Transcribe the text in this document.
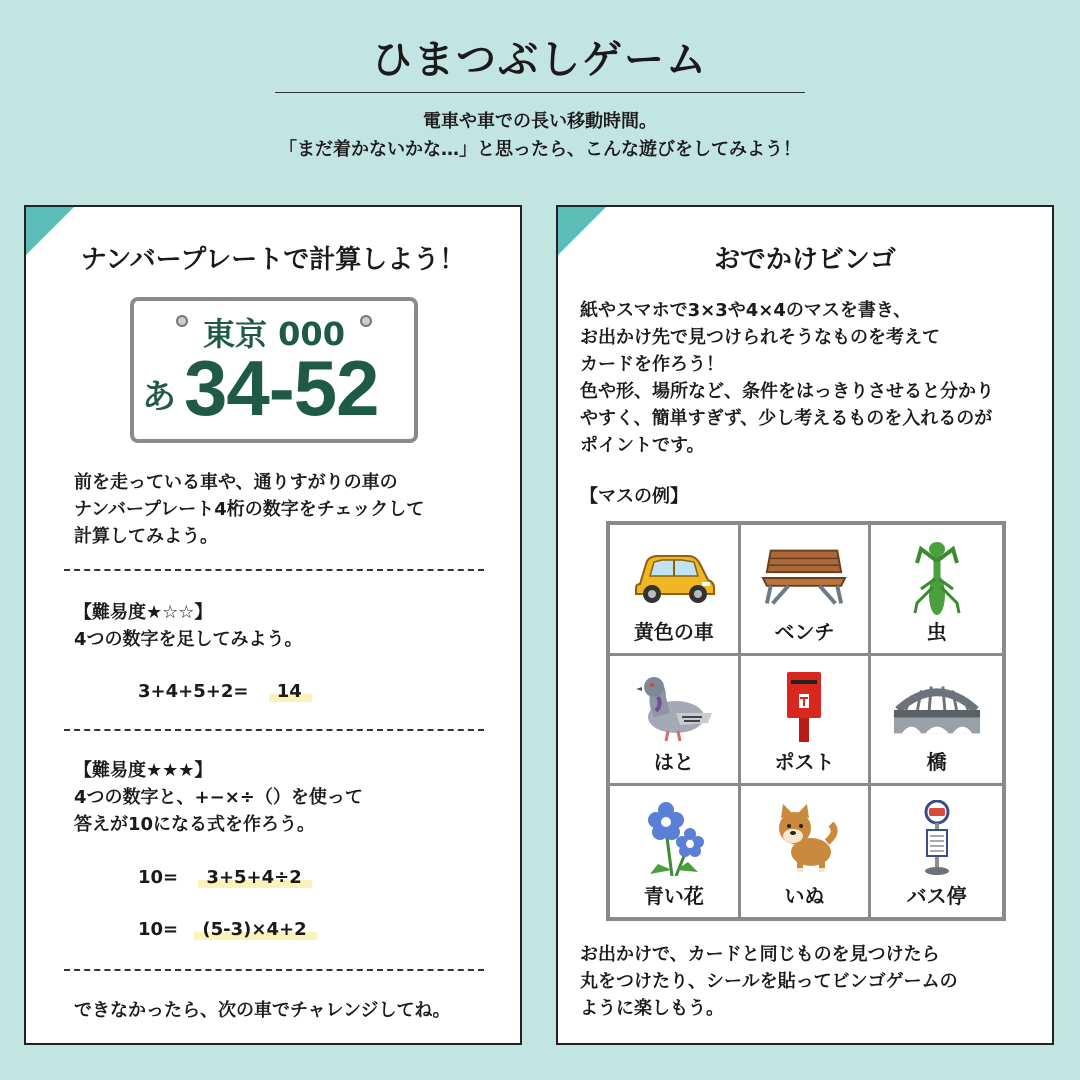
ひまつぶしゲーム
電車や車での長い移動時間。
「まだ着かないかな…」と思ったら、こんな遊びをしてみよう！
ナンバープレートで計算しよう！
東京 000
あ 34-52
前を走っている車や、通りすがりの車の
ナンバープレート4桁の数字をチェックして
計算してみよう。
【難易度★☆☆】
4つの数字を足してみよう。
3+4+5+2= 14
【難易度★★★】
4つの数字と、+−×÷（）を使って
答えが10になる式を作ろう。
10= 3+5+4÷2
10= (5-3)×4+2
できなかったら、次の車でチャレンジしてね。
おでかけビンゴ
紙やスマホで3×3や4×4のマスを書き、
お出かけ先で見つけられそうなものを考えて
カードを作ろう！
色や形、場所など、条件をはっきりさせると分かり
やすく、簡単すぎず、少し考えるものを入れるのが
ポイントです。
【マスの例】
黄色の車	ベンチ	虫
はと	ポスト	橋
青い花	いぬ	バス停
お出かけで、カードと同じものを見つけたら
丸をつけたり、シールを貼ってビンゴゲームの
ように楽しもう。
